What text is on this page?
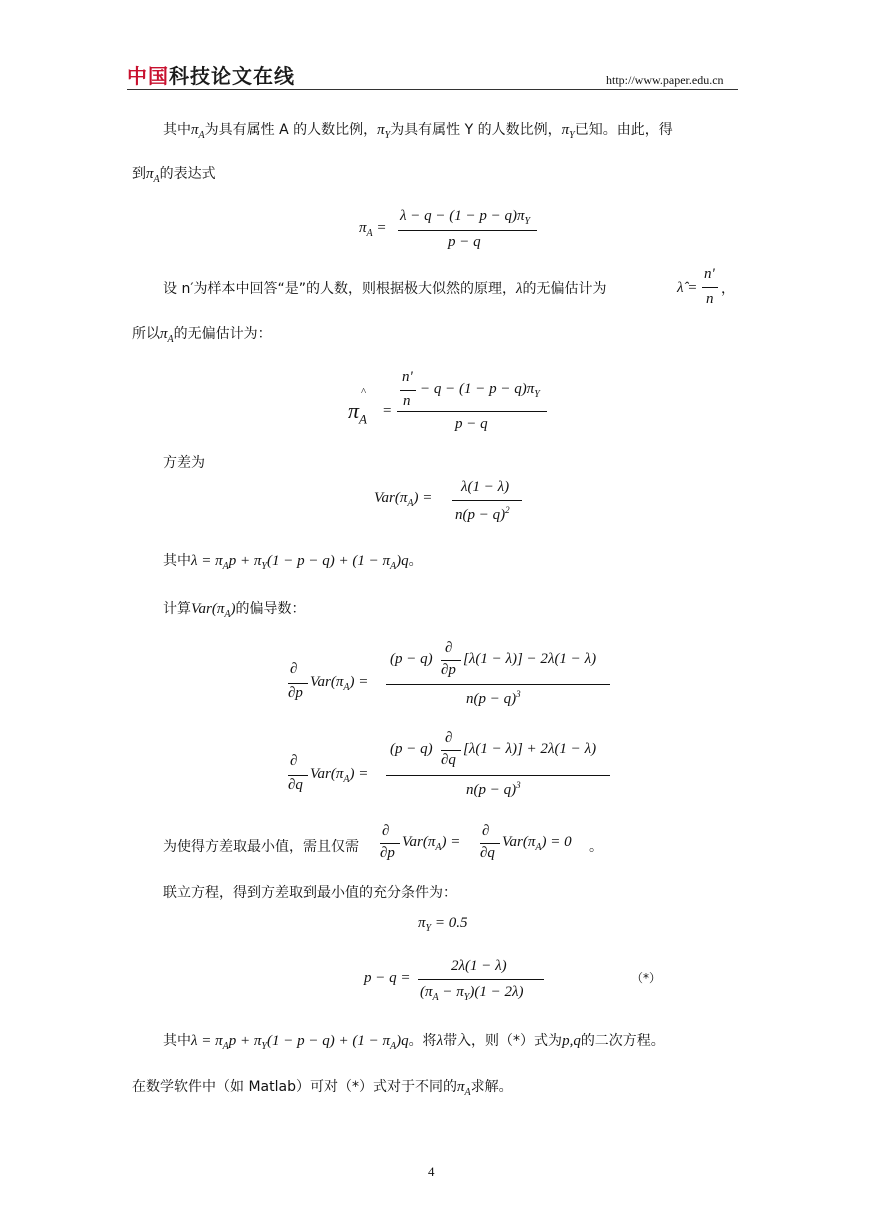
中国科技论文在线	http://www.paper.edu.cn
其中$\pi_A$为具有属性 A 的人数比例，$\pi_Y$为具有属性 Y 的人数比例，$\pi_Y$已知。由此，得
到$\pi_A$的表达式
$\pi_A$ =
$\lambda - q - (1 - p - q)\pi_Y$
p − q
设 n′为样本中回答“是”的人数，则根据极大似然的原理，λ的无偏估计为	λ̂ =
n'
n
，
所以$\pi_A$的无偏估计为：
^
$\pi_A$ =
n'
n
− $q - (1 - p - q)\pi_Y$
p − q
方差为
$Var(\pi_A)$ =
λ(1 − λ)
$n(p - q)^2$
其中$\lambda = \pi_Ap + \pi_Y(1 - p - q) + (1 - \pi_A)q$。
计算$Var(\pi_A)$的偏导数：
∂
∂p
$Var(\pi_A)$ =
(p − q)
∂
∂p
[λ(1 − λ)] − 2λ(1 − λ)
$n(p - q)^3$
∂
∂q
$Var(\pi_A)$ =
(p − q)
∂
∂q
[λ(1 − λ)] + 2λ(1 − λ)
$n(p - q)^3$
为使得方差取最小值，需且仅需
∂
∂p
$Var(\pi_A)$ =
∂
∂q
$Var(\pi_A) = 0$ 。
联立方程，得到方差取到最小值的充分条件为：
$\pi_Y = 0.5$
p − q =
2λ(1 − λ)
$(\pi_A - \pi_Y)(1 - 2\lambda)$
（*）
其中$\lambda = \pi_Ap + \pi_Y(1 - p - q) + (1 - \pi_A)q$。将λ带入，则（*）式为p,q的二次方程。
在数学软件中（如 Matlab）可对（*）式对于不同的$\pi_A$求解。
4
